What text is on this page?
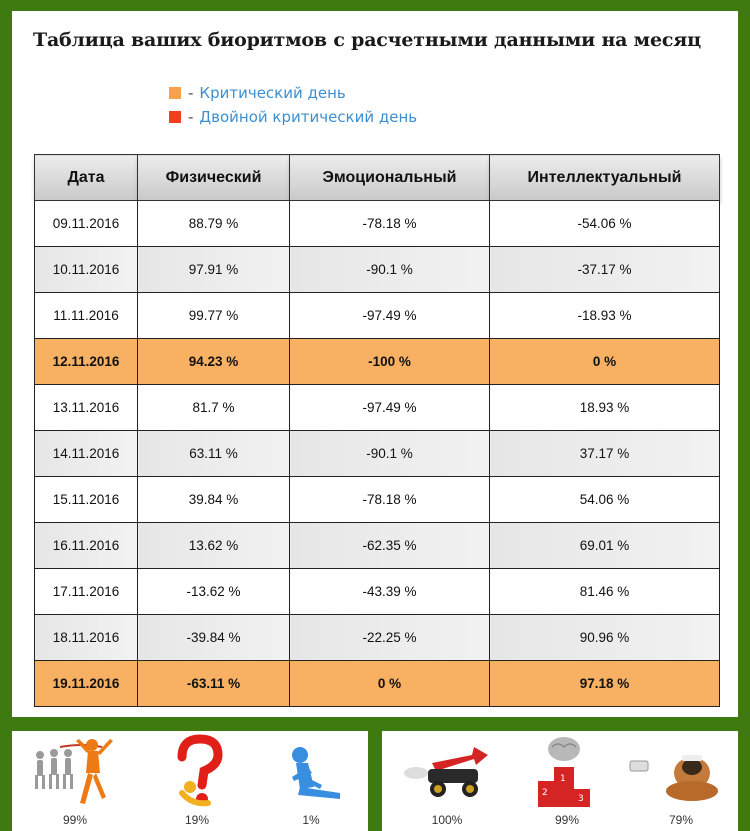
Таблица ваших биоритмов с расчетными данными на месяц
- Критический день
- Двойной критический день
Дата	Физический	Эмоциональный	Интеллектуальный
09.11.2016	88.79 %	-78.18 %	-54.06 %
10.11.2016	97.91 %	-90.1 %	-37.17 %
11.11.2016	99.77 %	-97.49 %	-18.93 %
12.11.2016	94.23 %	-100 %	0 %
13.11.2016	81.7 %	-97.49 %	18.93 %
14.11.2016	63.11 %	-90.1 %	37.17 %
15.11.2016	39.84 %	-78.18 %	54.06 %
16.11.2016	13.62 %	-62.35 %	69.01 %
17.11.2016	-13.62 %	-43.39 %	81.46 %
18.11.2016	-39.84 %	-22.25 %	90.96 %
19.11.2016	-63.11 %	0 %	97.18 %
99%	19%	1%	100%
1
2
3
99%	79%
